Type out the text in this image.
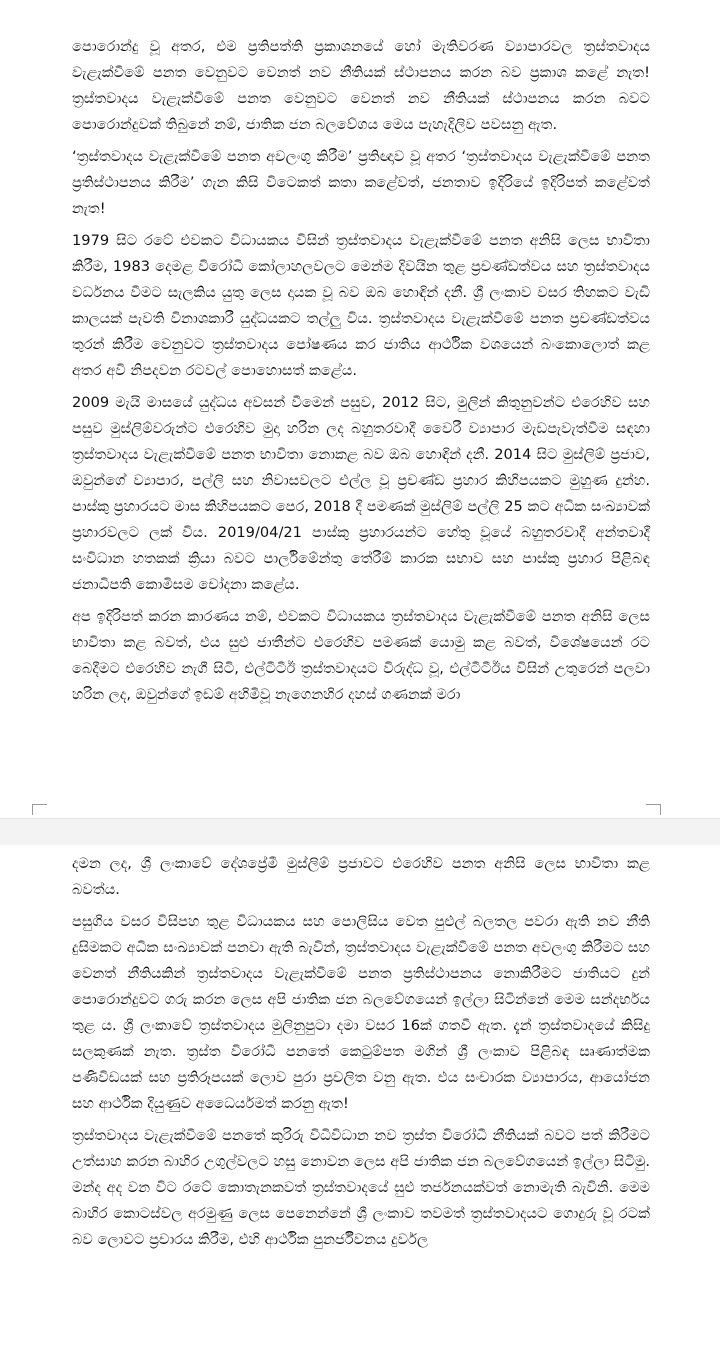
පොරොන්දු වූ අතර, එම ප්‍රතිපත්ති ප්‍රකාශනයේ හෝ මැතිවරණ ව්‍යාපාරවල ත්‍රස්තවාදය වැළැක්වීමේ පනත වෙනුවට වෙනත් නව නීතියක් ස්ථාපනය කරන බව ප්‍රකාශ කළේ නැත! ත්‍රස්තවාදය වැළැක්වීමේ පනත වෙනුවට වෙනත් නව නීතියක් ස්ථාපනය කරන බවට පොරොන්දුවක් තිබුනේ නම්, ජාතික ජන බලවේගය මෙය පැහැදිලිව පවසනු ඇත.

‘ත්‍රස්තවාදය වැළැක්වීමේ පනත අවලංගු කිරීම’ ප්‍රතිඥාව වූ අතර ‘ත්‍රස්තවාදය වැළැක්වීමේ පනත ප්‍රතිස්ථාපනය කිරීම’ ගැන කිසි විටෙකත් කතා කළේවත්, ජනතාව ඉදිරියේ ඉදිරිපත් කළේවත් නැත!

1979 සිට රටේ එවකට විධායකය විසින් ත්‍රස්තවාදය වැළැක්වීමේ පනත අනිසි ලෙස භාවිතා කිරීම, 1983 දෙමළ විරෝධී කෝලාහලවලට මෙන්ම දිවයින තුළ ප්‍රචණ්ඩත්වය සහ ත්‍රස්තවාදය වර්ධනය වීමට සැලකිය යුතු ලෙස දායක වූ බව ඔබ හොඳින් දනී. ශ්‍රී ලංකාව වසර තිහකට වැඩි කාලයක් පැවති විනාශකාරී යුද්ධයකට තල්ලු විය. ත්‍රස්තවාදය වැළැක්වීමේ පනත ප්‍රචණ්ඩත්වය තුරන් කිරීම වෙනුවට ත්‍රස්තවාදය පෝෂණය කර ජාතිය ආර්ථික වශයෙන් බංකොලොත් කළ අතර අවි නිපදවන රටවල් පොහොසත් කළේය.

2009 මැයි මාසයේ යුද්ධය අවසන් වීමෙන් පසුව, 2012 සිට, මුලින් කිතුනුවන්ට එරෙහිව සහ පසුව මුස්ලිම්වරුන්ට එරෙහිව මුදා හරින ලද බහුතරවාදී වෛරී ව්‍යාපාර මැඩපැවැත්වීම සඳහා ත්‍රස්තවාදය වැළැක්වීමේ පනත භාවිතා නොකළ බව ඔබ හොඳින් දනී. 2014 සිට මුස්ලිම් ප්‍රජාව, ඔවුන්ගේ ව්‍යාපාර, පල්ලි සහ නිවාසවලට එල්ල වූ ප්‍රචණ්ඩ ප්‍රහාර කිහිපයකට මුහුණ දුන්හ. පාස්කු ප්‍රහාරයට මාස කිහිපයකට පෙර, 2018 දී පමණක් මුස්ලිම් පල්ලි 25 කට අධික සංඛ්‍යාවක් ප්‍රහාරවලට ලක් විය. 2019/04/21 පාස්කු ප්‍රහාරයන්ට හේතු වූයේ බහුතරවාදී අන්තවාදී සංවිධාන හතකක් ක්‍රියා බවට පාර්ලිමේන්තු තේරීම් කාරක සභාව සහ පාස්කු ප්‍රහාර පිළිබඳ ජනාධිපති කොමිසම චෝදනා කළේය.

අප ඉදිරිපත් කරන කාරණය නම්, එවකට විධායකය ත්‍රස්තවාදය වැළැක්වීමේ පනත අනිසි ලෙස භාවිතා කළ බවත්, එය සුළු ජාතීන්ට එරෙහිව පමණක් යොමු කළ බවත්, විශේෂයෙන් රට බෙදීමට එරෙහිව නැගී සිටි, එල්ටීටීඊ ත්‍රස්තවාදයට විරුද්ධ වූ, එල්ටීටීඊය විසින් උතුරෙන් පලවා හරින ලද, ඔවුන්ගේ ඉඩම් අහිමිවූ නැගෙනහිර දහස් ගණනක් මරා

දමන ලද, ශ්‍රී ලංකාවේ දේශප්‍රේමී මුස්ලිම් ප්‍රජාවට එරෙහිව පනත අනිසි ලෙස භාවිතා කළ බවත්ය.

පසුගිය වසර විසිපහ තුළ විධායකය සහ පොලිසිය වෙත පුළුල් බලතල පවරා ඇති නව නීති දුසිමකට අධික සංඛ්‍යාවක් පනවා ඇති බැවින්, ත්‍රස්තවාදය වැළැක්වීමේ පනත අවලංගු කිරීමට සහ වෙනත් නීතියකින් ත්‍රස්තවාදය වැළැක්වීමේ පනත ප්‍රතිස්ථාපනය නොකිරීමට ජාතියට දුන් පොරොන්දුවට ගරු කරන ලෙස අපි ජාතික ජන බලවේගයෙන් ඉල්ලා සිටින්නේ මෙම සන්දර්භය තුළ ය. ශ්‍රී ලංකාවේ ත්‍රස්තවාදය මුලිනුපුටා දමා වසර 16ක් ගතවී ඇත. දැන් ත්‍රස්තවාදයේ කිසිදු සලකුණක් නැත. ත්‍රස්ත විරෝධී පනතේ කෙටුම්පත මගින් ශ්‍රී ලංකාව පිළිබඳ සෘණාත්මක පණිවිඩයක් සහ ප්‍රතිරූපයක් ලොව පුරා ප්‍රචලිත වනු ඇත. එය සංචාරක ව්‍යාපාරය, ආයෝජන සහ ආර්ථික දියුණුව අධෛර්යමත් කරනු ඇත!

ත්‍රස්තවාදය වැළැක්වීමේ පනතේ කුරිරු විධිවිධාන නව ත්‍රස්ත විරෝධී නීතියක් බවට පත් කිරීමට උත්සාහ කරන බාහිර උගුල්වලට හසු නොවන ලෙස අපි ජාතික ජන බලවේගයෙන් ඉල්ලා සිටිමු. මන්ද අද වන විට රටේ කොතැනකවත් ත්‍රස්තවාදයේ සුළු තර්ජනයක්වත් නොමැති බැවිනි. මෙම බාහිර කොටස්වල අරමුණු ලෙස පෙනෙන්නේ ශ්‍රී ලංකාව තවමත් ත්‍රස්තවාදයට ගොදුරු වූ රටක් බව ලොවට ප්‍රචාරය කිරීම, එහි ආර්ථික පුනර්ජීවනය දුර්වල
